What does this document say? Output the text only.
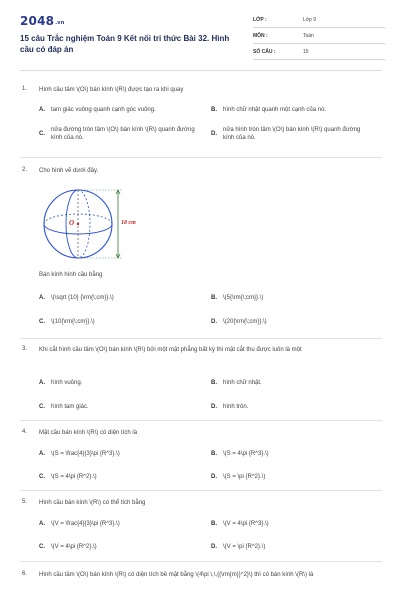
$2048^{.vn}$
15 câu Trắc nghiệm Toán 9 Kết nối tri thức Bài 32. Hình cầu có đáp án
LỚP :	Lớp 9
MÔN :	Toán
SỐ CÂU :	15
1. Hình cầu tâm \(O\) bán kính \(R\) được tạo ra khi quay
A. tam giác vuông quanh cạnh góc vuông.	B. hình chữ nhật quanh một cạnh của nó.
C.
nửa đường tròn tâm \(O\) bán kính \(R\) quanh đường kính của nó.
D.
nửa hình tròn tâm \(O\) bán kính \(R\) quanh đường kính của nó.
2. Cho hình vẽ dưới đây.
O	18 cm
Bán kính hình cầu bằng
A. \(\sqrt {10} {\rm{\;cm}}.\)	B. \(5{\rm{\;cm}}.\)
C. \(10{\rm{\;cm}}.\)	D. \(20{\rm{\;cm}}.\)
3. Khi cắt hình cầu tâm \(O\) bán kính \(R\) bởi một mặt phẳng bất kỳ thì mặt cắt thu được luôn là một
A. hình vuông.	B. hình chữ nhật.
C. hình tam giác.	D. hình tròn.
4. Mặt cầu bán kính \(R\) có diện tích là
A. \(S = \frac{4}{3}\pi {R^3}.\)	B. \(S = 4\pi {R^3}.\)
C. \(S = 4\pi {R^2}.\)	D. \(S = \pi {R^2}.\)
5. Hình cầu bán kính \(R\) có thể tích bằng
A. \(V = \frac{4}{3}\pi {R^3}.\)	B. \(V = 4\pi {R^3}.\)
C. \(V = 4\pi {R^2}.\)	D. \(V = \pi {R^2}.\)
6. Hình cầu tâm \(O\) bán kính \(R\) có diện tích bề mặt bằng \(4\pi \,\,{{\rm{m}}^2}\) thì có bán kính \(R\) là
